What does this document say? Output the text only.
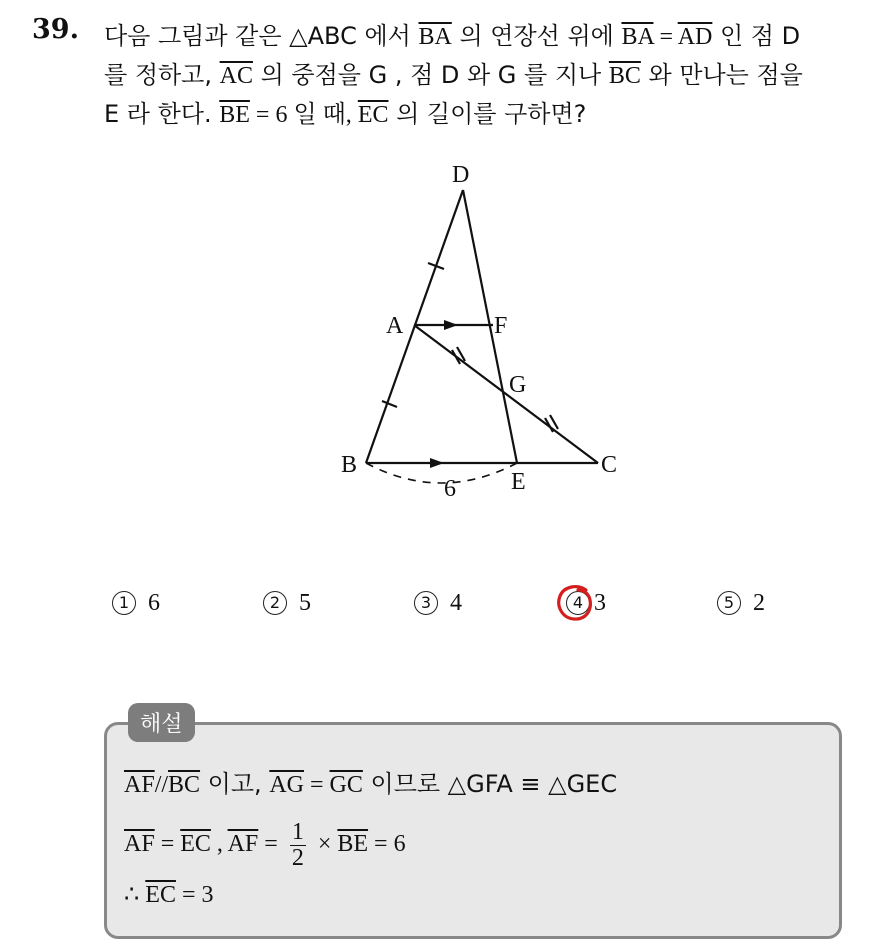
39. 다음 그림과 같은 △ABC 에서 $\overline{BA}$ 의 연장선 위에 $\overline{BA} = \overline{AD}$ 인 점 D
를 정하고, $\overline{AC}$ 의 중점을 G , 점 D 와 G 를 지나 $\overline{BC}$ 와 만나는 점을
E 라 한다. $\overline{BE} = 6$ 일 때, $\overline{EC}$ 의 길이를 구하면?
D
A	F
G
B
E
C
6
1 6	2 5	3 4	4 3	5 2
해설
$\overline{AF}//\overline{BC}$ 이고, $\overline{AG} = \overline{GC}$ 이므로 △GFA ≡ △GEC
$\overline{AF} = \overline{EC}$ , $\overline{AF} = \frac{1}{2} \times \overline{BE} = 6$
∴ $\overline{EC} = 3$
